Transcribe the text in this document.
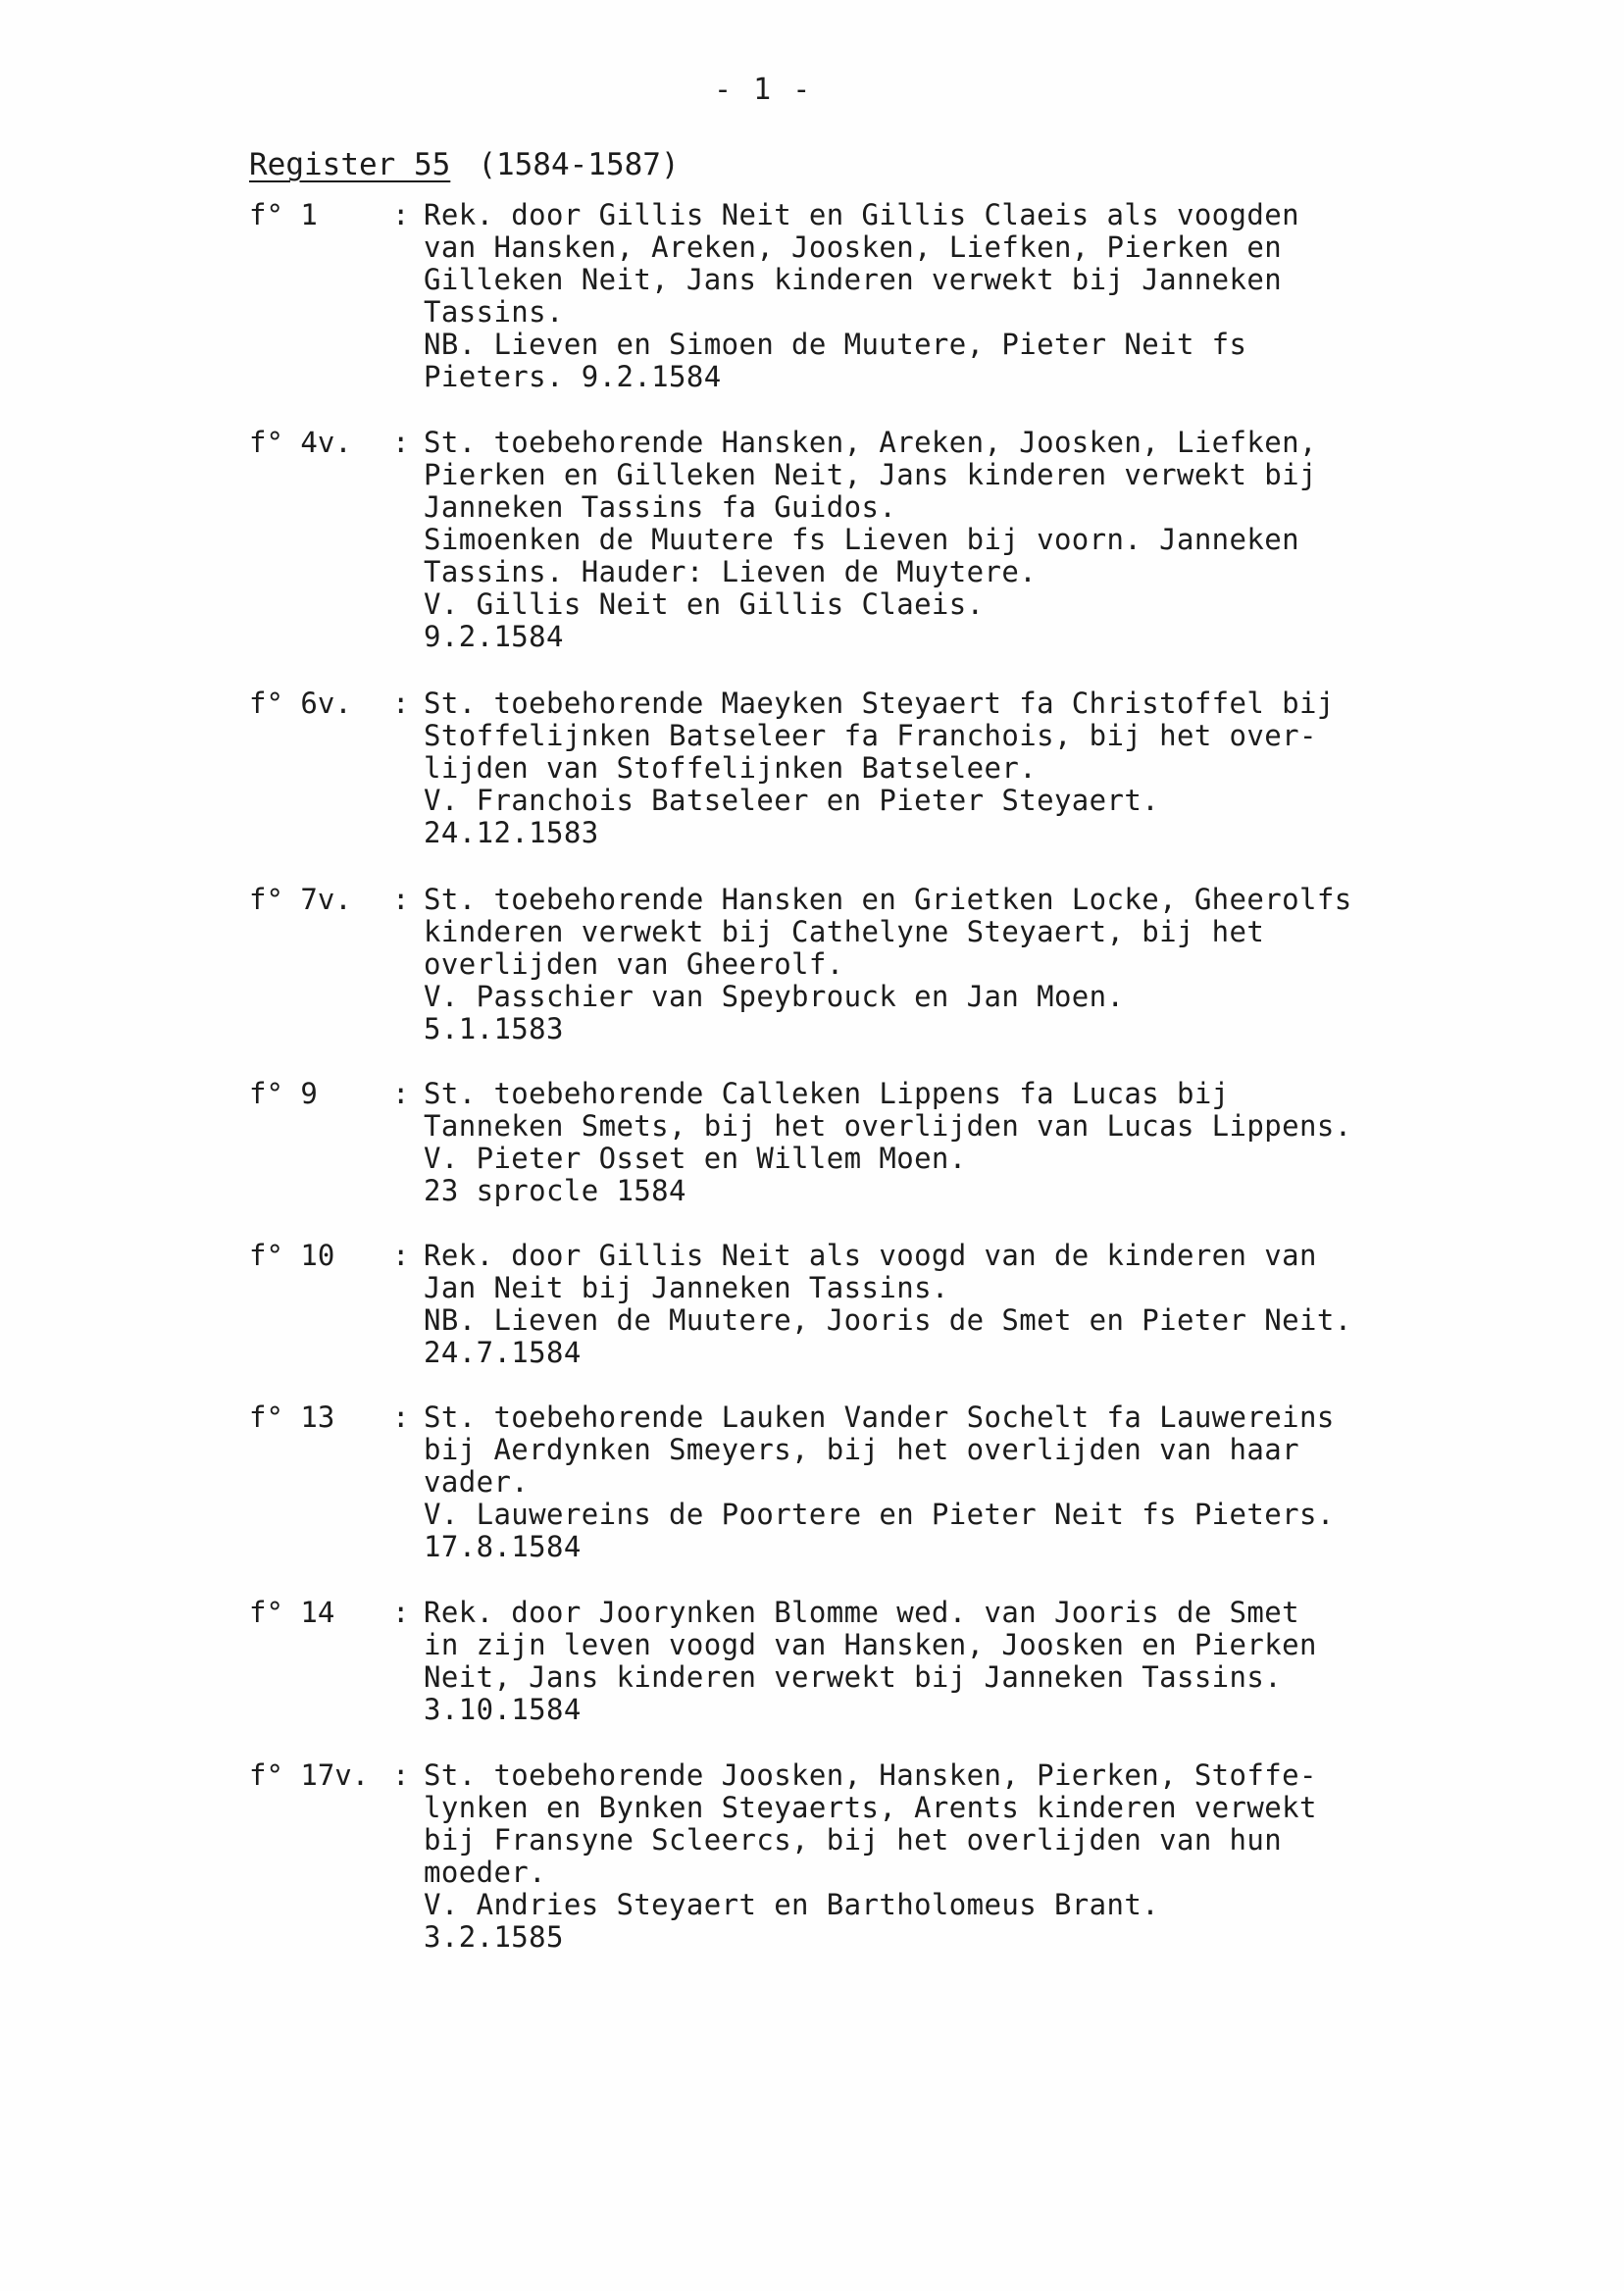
- 1 -
Register 55 (1584-1587)
f° 1	: Rek. door Gillis Neit en Gillis Claeis als voogden
van Hansken, Areken, Joosken, Liefken, Pierken en
Gilleken Neit, Jans kinderen verwekt bij Janneken
Tassins.
NB. Lieven en Simoen de Muutere, Pieter Neit fs
Pieters. 9.2.1584
f° 4v.	: St. toebehorende Hansken, Areken, Joosken, Liefken,
Pierken en Gilleken Neit, Jans kinderen verwekt bij
Janneken Tassins fa Guidos.
Simoenken de Muutere fs Lieven bij voorn. Janneken
Tassins. Hauder: Lieven de Muytere.
V. Gillis Neit en Gillis Claeis.
9.2.1584
f° 6v.	: St. toebehorende Maeyken Steyaert fa Christoffel bij
Stoffelijnken Batseleer fa Franchois, bij het over-
lijden van Stoffelijnken Batseleer.
V. Franchois Batseleer en Pieter Steyaert.
24.12.1583
f° 7v.	: St. toebehorende Hansken en Grietken Locke, Gheerolfs
kinderen verwekt bij Cathelyne Steyaert, bij het
overlijden van Gheerolf.
V. Passchier van Speybrouck en Jan Moen.
5.1.1583
f° 9	: St. toebehorende Calleken Lippens fa Lucas bij
Tanneken Smets, bij het overlijden van Lucas Lippens.
V. Pieter Osset en Willem Moen.
23 sprocle 1584
f° 10	: Rek. door Gillis Neit als voogd van de kinderen van
Jan Neit bij Janneken Tassins.
NB. Lieven de Muutere, Jooris de Smet en Pieter Neit.
24.7.1584
f° 13	: St. toebehorende Lauken Vander Sochelt fa Lauwereins
bij Aerdynken Smeyers, bij het overlijden van haar
vader.
V. Lauwereins de Poortere en Pieter Neit fs Pieters.
17.8.1584
f° 14	: Rek. door Joorynken Blomme wed. van Jooris de Smet
in zijn leven voogd van Hansken, Joosken en Pierken
Neit, Jans kinderen verwekt bij Janneken Tassins.
3.10.1584
f° 17v. : St. toebehorende Joosken, Hansken, Pierken, Stoffe-
lynken en Bynken Steyaerts, Arents kinderen verwekt
bij Fransyne Scleercs, bij het overlijden van hun
moeder.
V. Andries Steyaert en Bartholomeus Brant.
3.2.1585
